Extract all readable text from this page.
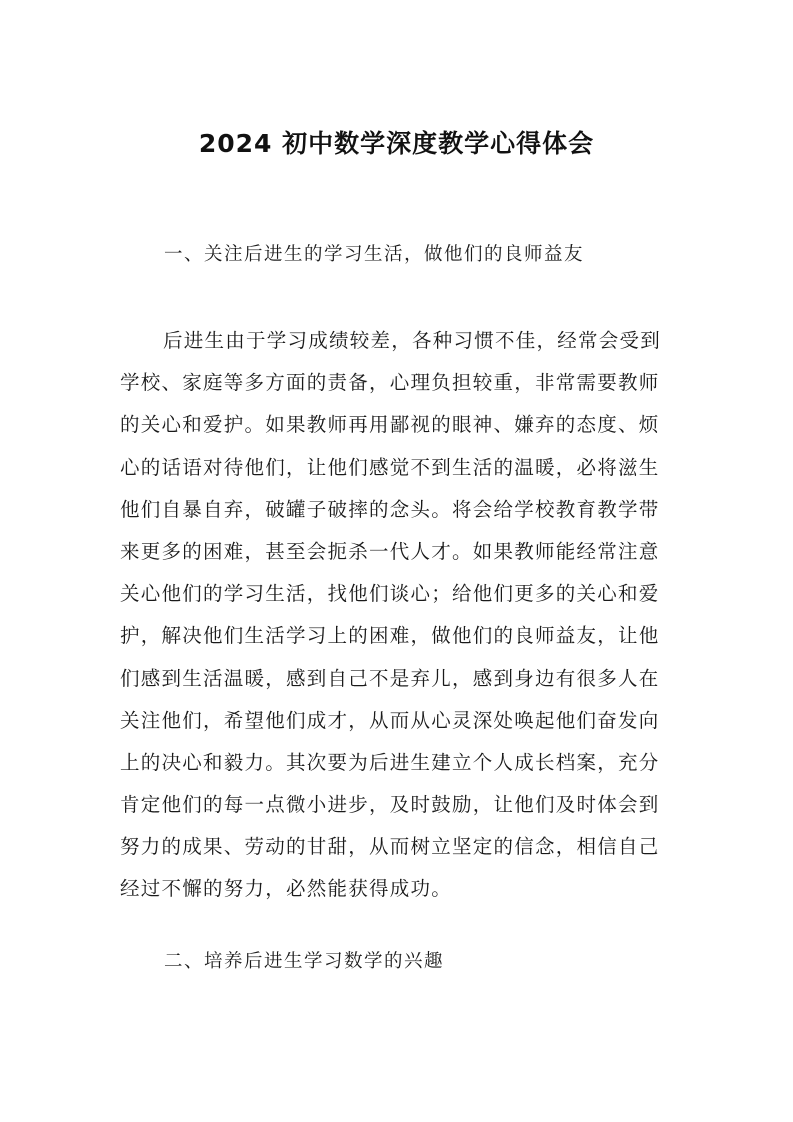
2024 初中数学深度教学心得体会
一、关注后进生的学习生活，做他们的良师益友
后进生由于学习成绩较差，各种习惯不佳，经常会受到
学校、家庭等多方面的责备，心理负担较重，非常需要教师
的关心和爱护。如果教师再用鄙视的眼神、嫌弃的态度、烦
心的话语对待他们，让他们感觉不到生活的温暖，必将滋生
他们自暴自弃，破罐子破摔的念头。将会给学校教育教学带
来更多的困难，甚至会扼杀一代人才。如果教师能经常注意
关心他们的学习生活，找他们谈心；给他们更多的关心和爱
护，解决他们生活学习上的困难，做他们的良师益友，让他
们感到生活温暖，感到自己不是弃儿，感到身边有很多人在
关注他们，希望他们成才，从而从心灵深处唤起他们奋发向
上的决心和毅力。其次要为后进生建立个人成长档案，充分
肯定他们的每一点微小进步，及时鼓励，让他们及时体会到
努力的成果、劳动的甘甜，从而树立坚定的信念，相信自己
经过不懈的努力，必然能获得成功。
二、培养后进生学习数学的兴趣
